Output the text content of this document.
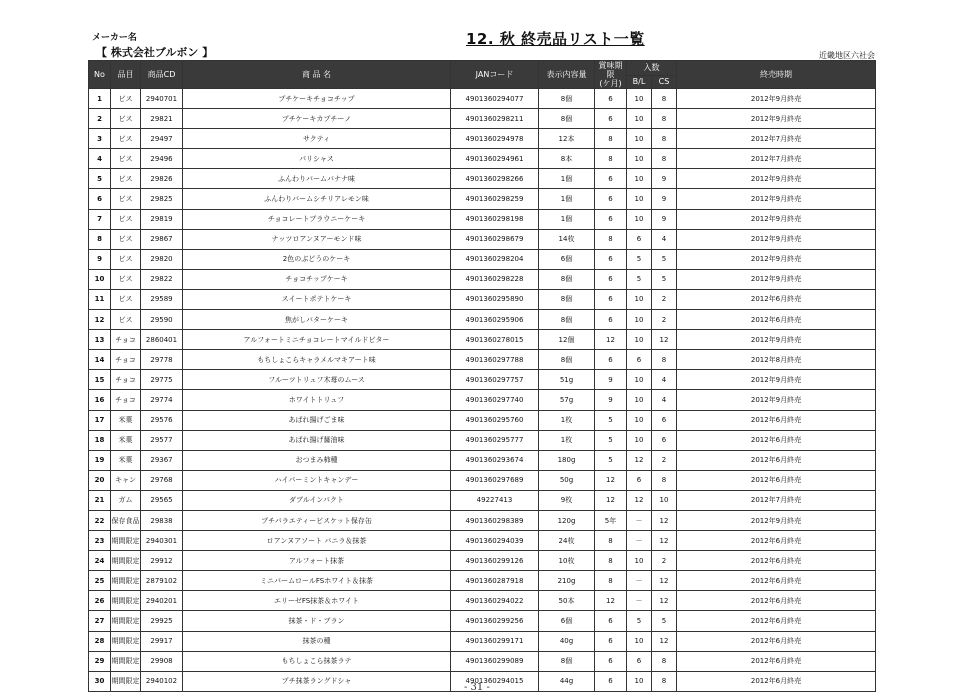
メーカー名
【 株式会社ブルボン 】
12. 秋 終売品リスト一覧
近畿地区六社会
No	品目	商品CD	商 品 名	JANコード	表示内容量	賞味期
限
(ケ月)	入数		終売時期
							B/L	CS	
1	ビス	2940701	プチケーキチョコチップ	4901360294077	8個	6	10	8	2012年9月終売
2	ビス	29821	プチケーキカプチーノ	4901360298211	8個	6	10	8	2012年9月終売
3	ビス	29497	サクティ	4901360294978	12本	8	10	8	2012年7月終売
4	ビス	29496	パリシャス	4901360294961	8本	8	10	8	2012年7月終売
5	ビス	29826	ふんわりバームバナナ味	4901360298266	1個	6	10	9	2012年9月終売
6	ビス	29825	ふんわりバームシチリアレモン味	4901360298259	1個	6	10	9	2012年9月終売
7	ビス	29819	チョコレートブラウニーケーキ	4901360298198	1個	6	10	9	2012年9月終売
8	ビス	29867	ナッツロアンヌアーモンド味	4901360298679	14枚	8	6	4	2012年9月終売
9	ビス	29820	2色のぶどうのケーキ	4901360298204	6個	6	5	5	2012年9月終売
10	ビス	29822	チョコチップケーキ	4901360298228	8個	6	5	5	2012年9月終売
11	ビス	29589	スイートポテトケーキ	4901360295890	8個	6	10	2	2012年6月終売
12	ビス	29590	焦がしバターケーキ	4901360295906	8個	6	10	2	2012年6月終売
13	チョコ	2860401	アルフォートミニチョコレートマイルドビター	4901360278015	12個	12	10	12	2012年9月終売
14	チョコ	29778	もちしょこらキャラメルマキアート味	4901360297788	8個	6	6	8	2012年8月終売
15	チョコ	29775	フルーツトリュフ木苺のムース	4901360297757	51g	9	10	4	2012年9月終売
16	チョコ	29774	ホワイトトリュフ	4901360297740	57g	9	10	4	2012年9月終売
17	米菓	29576	あばれ揚げごま味	4901360295760	1枚	5	10	6	2012年6月終売
18	米菓	29577	あばれ揚げ醤油味	4901360295777	1枚	5	10	6	2012年6月終売
19	米菓	29367	おつまみ柿種	4901360293674	180g	5	12	2	2012年6月終売
20	キャン	29768	ハイパーミントキャンデー	4901360297689	50g	12	6	8	2012年6月終売
21	ガム	29565	ダブルインパクト	49227413	9枚	12	12	10	2012年7月終売
22	保存食品	29838	プチバラエティービスケット保存缶	4901360298389	120g	5年	－	12	2012年9月終売
23	期間限定	2940301	ロアンヌアソート バニラ＆抹茶	4901360294039	24枚	8	－	12	2012年6月終売
24	期間限定	29912	アルフォート抹茶	4901360299126	10枚	8	10	2	2012年6月終売
25	期間限定	2879102	ミニバームロールFSホワイト＆抹茶	4901360287918	210g	8	－	12	2012年6月終売
26	期間限定	2940201	エリーゼFS抹茶＆ホワイト	4901360294022	50本	12	－	12	2012年6月終売
27	期間限定	29925	抹茶・ド・ブラン	4901360299256	6個	6	5	5	2012年6月終売
28	期間限定	29917	抹茶の種	4901360299171	40g	6	10	12	2012年6月終売
29	期間限定	29908	もちしょこら抹茶ラテ	4901360299089	8個	6	6	8	2012年6月終売
30	期間限定	2940102	プチ抹茶ラングドシャ	4901360294015	44g	6	10	8	2012年6月終売
- 31 -
